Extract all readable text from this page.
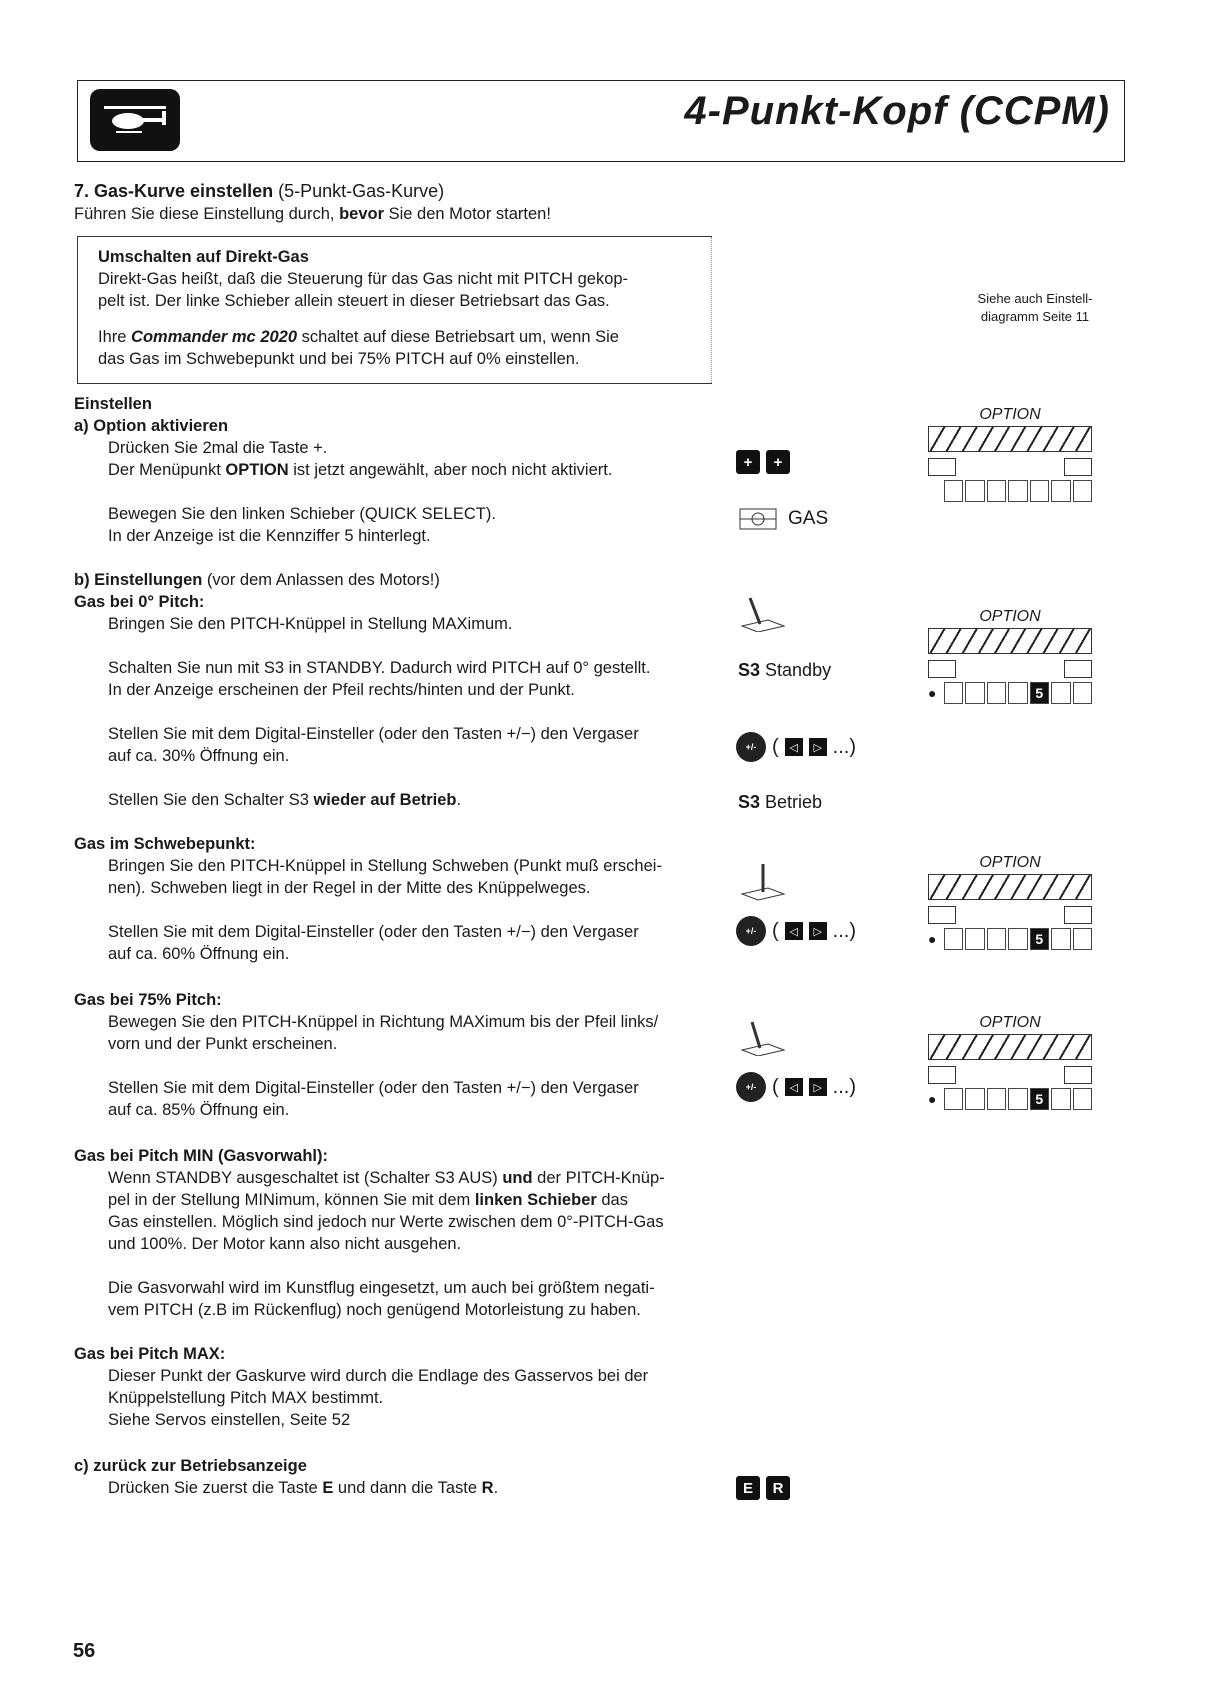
4-Punkt-Kopf (CCPM)
7. Gas-Kurve einstellen (5-Punkt-Gas-Kurve)
Führen Sie diese Einstellung durch, bevor Sie den Motor starten!
Umschalten auf Direkt-Gas
Direkt-Gas heißt, daß die Steuerung für das Gas nicht mit PITCH gekop-
pelt ist. Der linke Schieber allein steuert in dieser Betriebsart das Gas.
Ihre Commander mc 2020 schaltet auf diese Betriebsart um, wenn Sie
das Gas im Schwebepunkt und bei 75% PITCH auf 0% einstellen.
Siehe auch Einstell-
diagramm Seite 11
Einstellen
a) Option aktivieren
Drücken Sie 2mal die Taste +.
Der Menüpunkt OPTION ist jetzt angewählt, aber noch nicht aktiviert.
Bewegen Sie den linken Schieber (QUICK SELECT).
In der Anzeige ist die Kennziffer 5 hinterlegt.
b) Einstellungen (vor dem Anlassen des Motors!)
Gas bei 0° Pitch:
Bringen Sie den PITCH-Knüppel in Stellung MAXimum.
Schalten Sie nun mit S3 in STANDBY. Dadurch wird PITCH auf 0° gestellt.
In der Anzeige erscheinen der Pfeil rechts/hinten und der Punkt.
Stellen Sie mit dem Digital-Einsteller (oder den Tasten +/−) den Vergaser
auf ca. 30% Öffnung ein.
Stellen Sie den Schalter S3 wieder auf Betrieb.
Gas im Schwebepunkt:
Bringen Sie den PITCH-Knüppel in Stellung Schweben (Punkt muß erschei-
nen). Schweben liegt in der Regel in der Mitte des Knüppelweges.
Stellen Sie mit dem Digital-Einsteller (oder den Tasten +/−) den Vergaser
auf ca. 60% Öffnung ein.
Gas bei 75% Pitch:
Bewegen Sie den PITCH-Knüppel in Richtung MAXimum bis der Pfeil links/
vorn und der Punkt erscheinen.
Stellen Sie mit dem Digital-Einsteller (oder den Tasten +/−) den Vergaser
auf ca. 85% Öffnung ein.
Gas bei Pitch MIN (Gasvorwahl):
Wenn STANDBY ausgeschaltet ist (Schalter S3 AUS) und der PITCH-Knüp-
pel in der Stellung MINimum, können Sie mit dem linken Schieber das
Gas einstellen. Möglich sind jedoch nur Werte zwischen dem 0°-PITCH-Gas
und 100%. Der Motor kann also nicht ausgehen.
Die Gasvorwahl wird im Kunstflug eingesetzt, um auch bei größtem negati-
vem PITCH (z.B im Rückenflug) noch genügend Motorleistung zu haben.
Gas bei Pitch MAX:
Dieser Punkt der Gaskurve wird durch die Endlage des Gasservos bei der
Knüppelstellung Pitch MAX bestimmt.
Siehe Servos einstellen, Seite 52
c) zurück zur Betriebsanzeige
Drücken Sie zuerst die Taste E und dann die Taste R.
+	+
GAS
S3 Standby
+/- ( ◁	▷ ...)
S3 Betrieb
+/- ( ◁	▷ ...)
+/- ( ◁	▷ ...)
E	R
OPTION
OPTION
●	5
OPTION
●	5
OPTION
●	5
56
